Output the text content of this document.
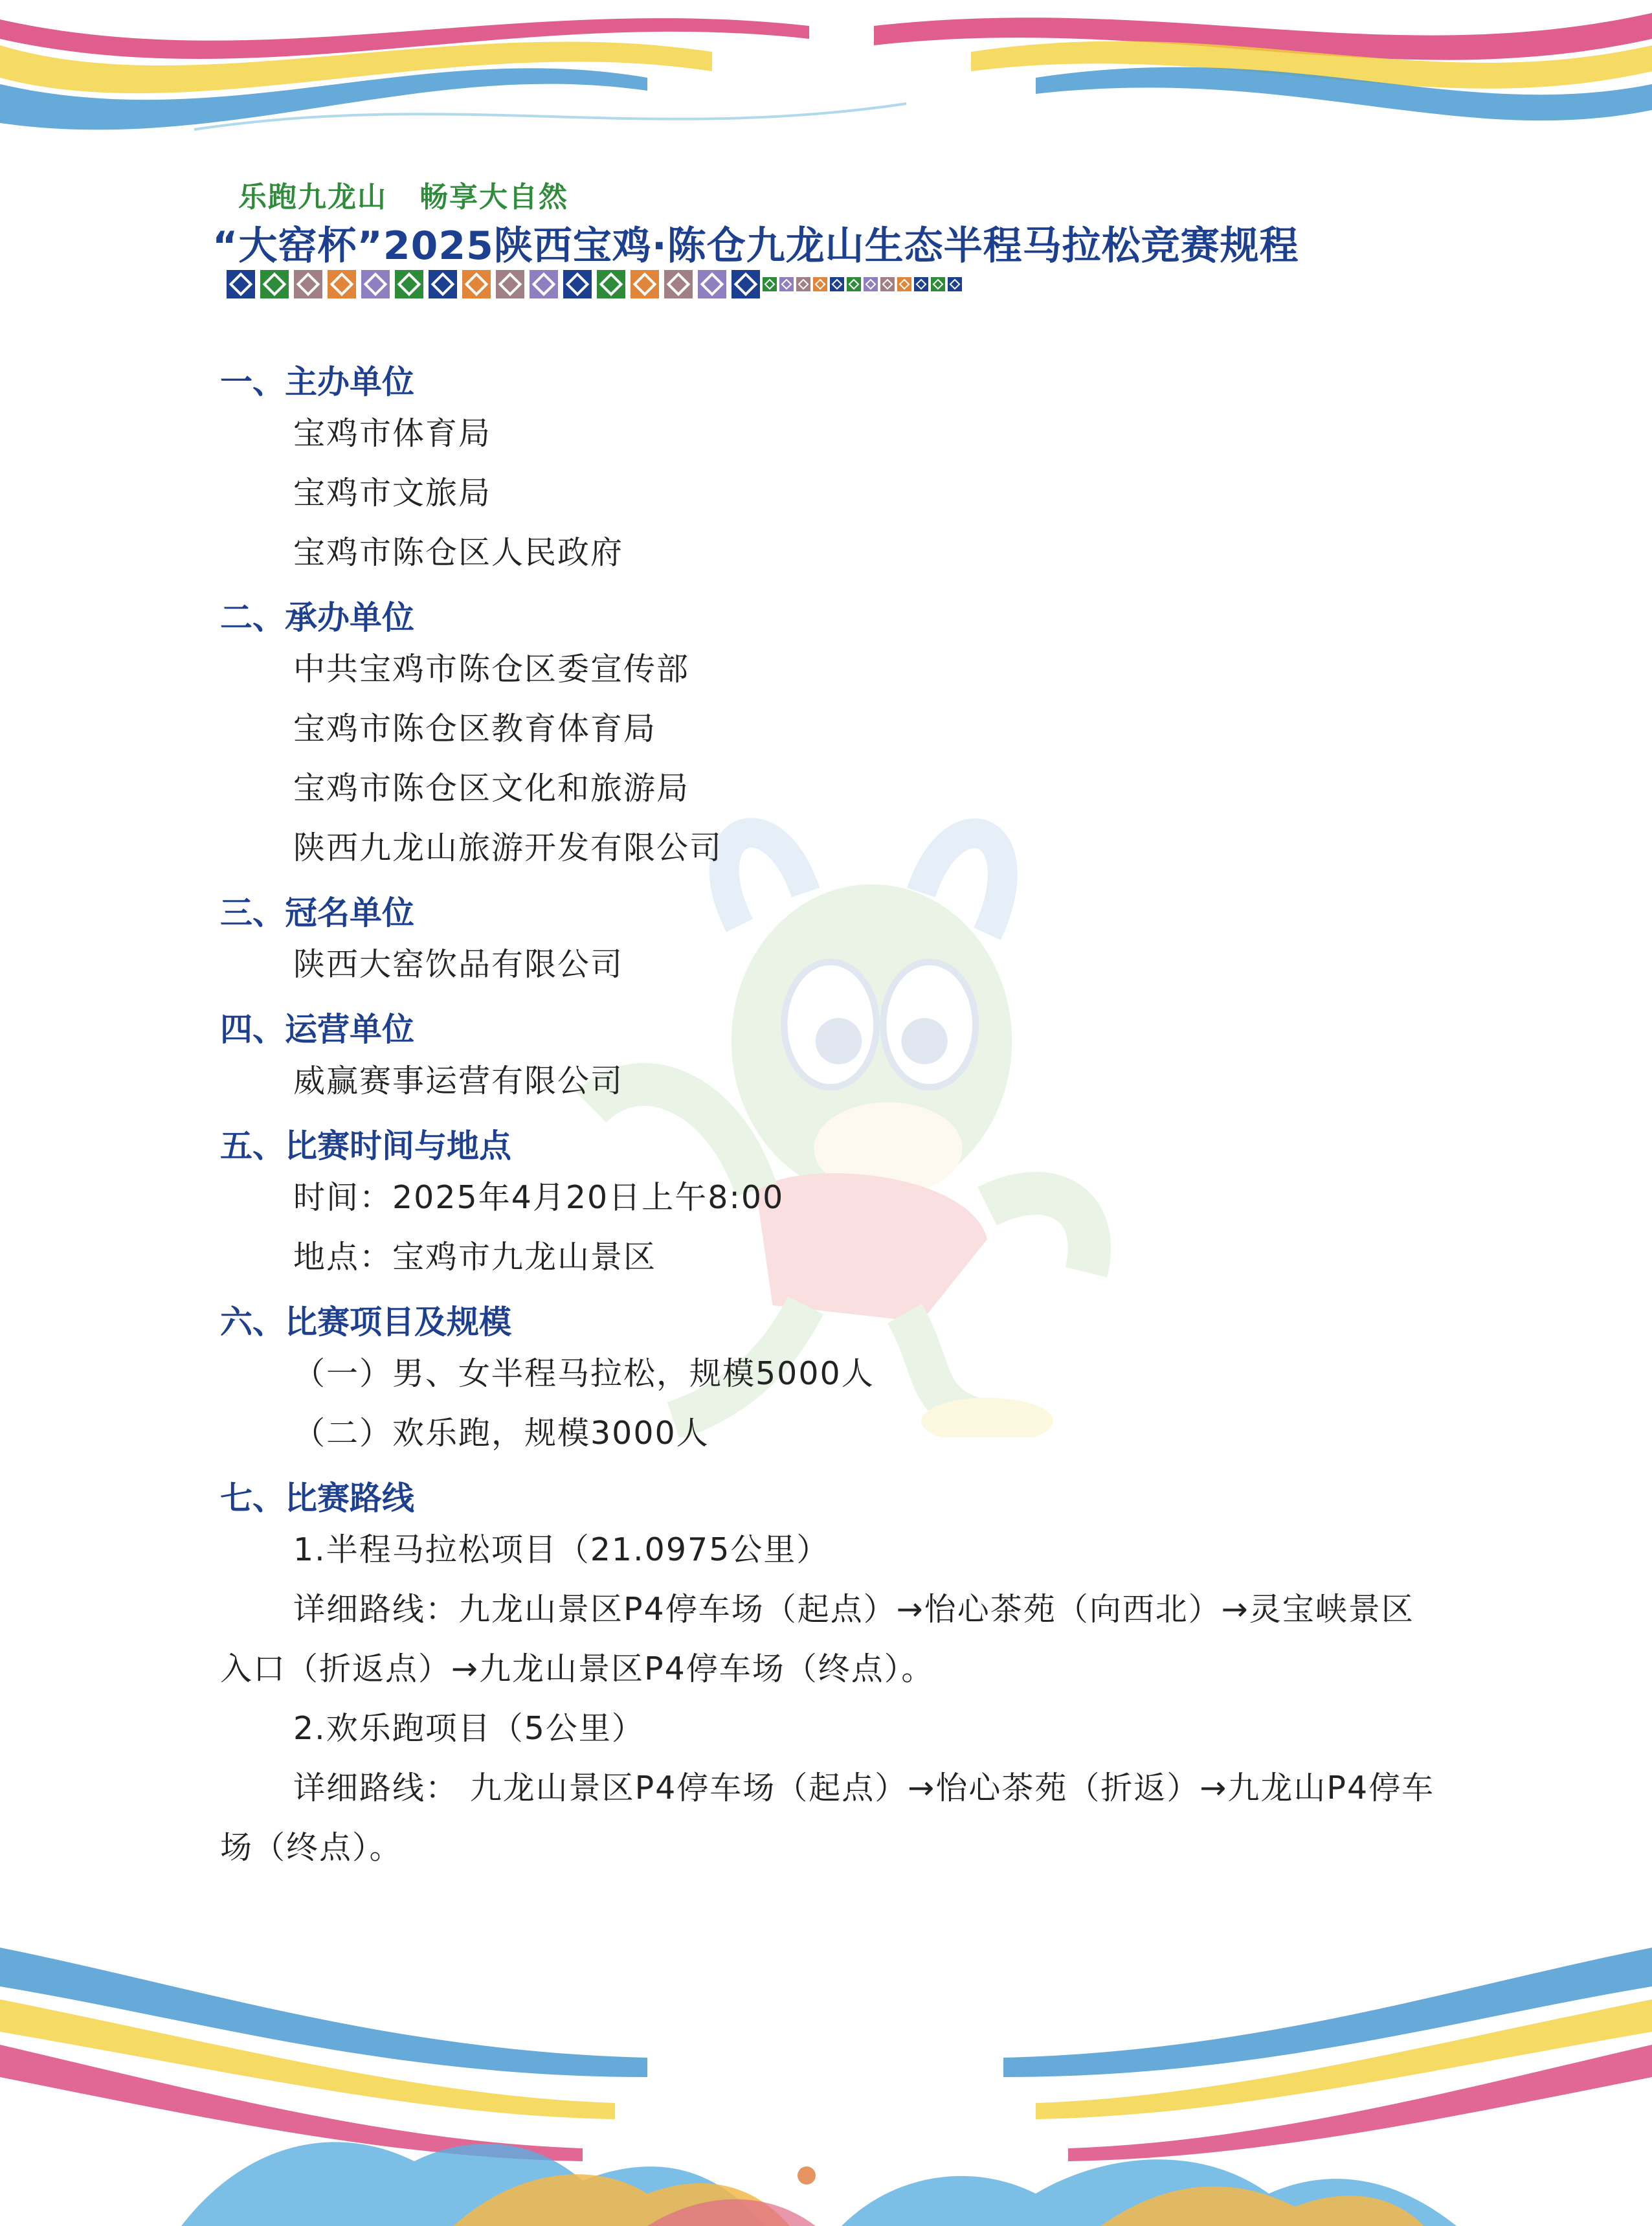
乐跑九龙山 畅享大自然
“大窑杯”2025陕西宝鸡·陈仓九龙山生态半程马拉松竞赛规程
一、主办单位
宝鸡市体育局
宝鸡市文旅局
宝鸡市陈仓区人民政府
二、承办单位
中共宝鸡市陈仓区委宣传部
宝鸡市陈仓区教育体育局
宝鸡市陈仓区文化和旅游局
陕西九龙山旅游开发有限公司
三、冠名单位
陕西大窑饮品有限公司
四、运营单位
威赢赛事运营有限公司
五、比赛时间与地点
时间：2025年4月20日上午8:00
地点：宝鸡市九龙山景区
六、比赛项目及规模
（一）男、女半程马拉松，规模5000人
（二）欢乐跑，规模3000人
七、比赛路线
1.半程马拉松项目（21.0975公里）
详细路线：九龙山景区P4停车场（起点）→怡心茶苑（向西北）→灵宝峡景区入口（折返点）→九龙山景区P4停车场（终点）。
2.欢乐跑项目（5公里）
详细路线： 九龙山景区P4停车场（起点）→怡心茶苑（折返）→九龙山P4停车场（终点）。
